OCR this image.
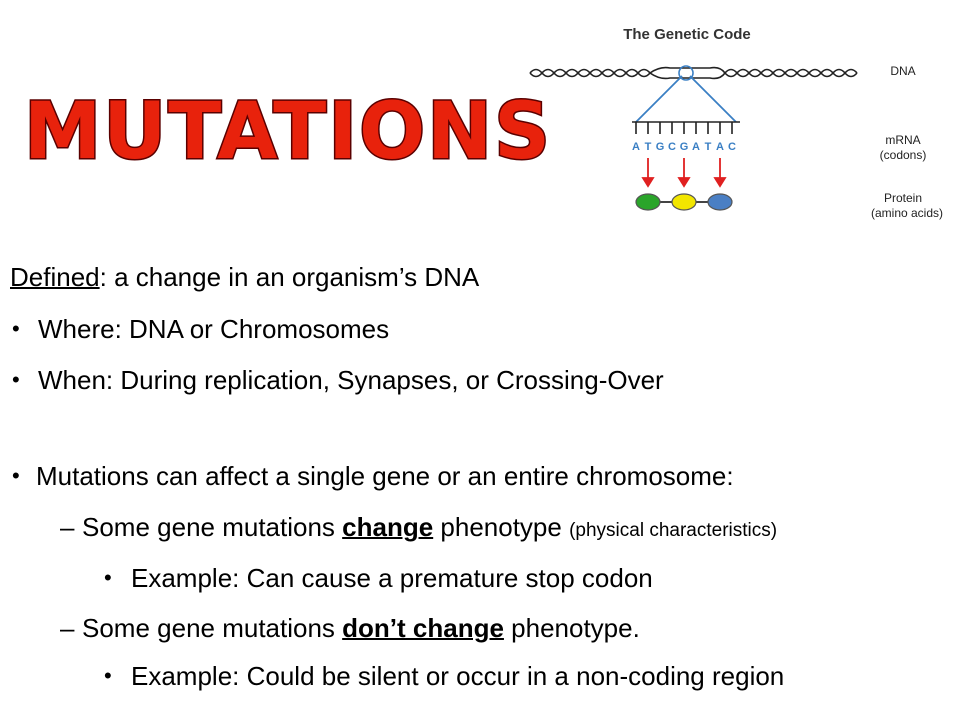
MUTATIONS
The Genetic Code
A T G C G A T A C
DNA
mRNA
(codons)
Protein
(amino acids)
Defined: a change in an organism’s DNA
• Where: DNA or Chromosomes
• When: During replication, Synapses, or Crossing-Over
• Mutations can affect a single gene or an entire chromosome:
– Some gene mutations change phenotype (physical characteristics)
• Example: Can cause a premature stop codon
– Some gene mutations don’t change phenotype.
• Example: Could be silent or occur in a non-coding region
